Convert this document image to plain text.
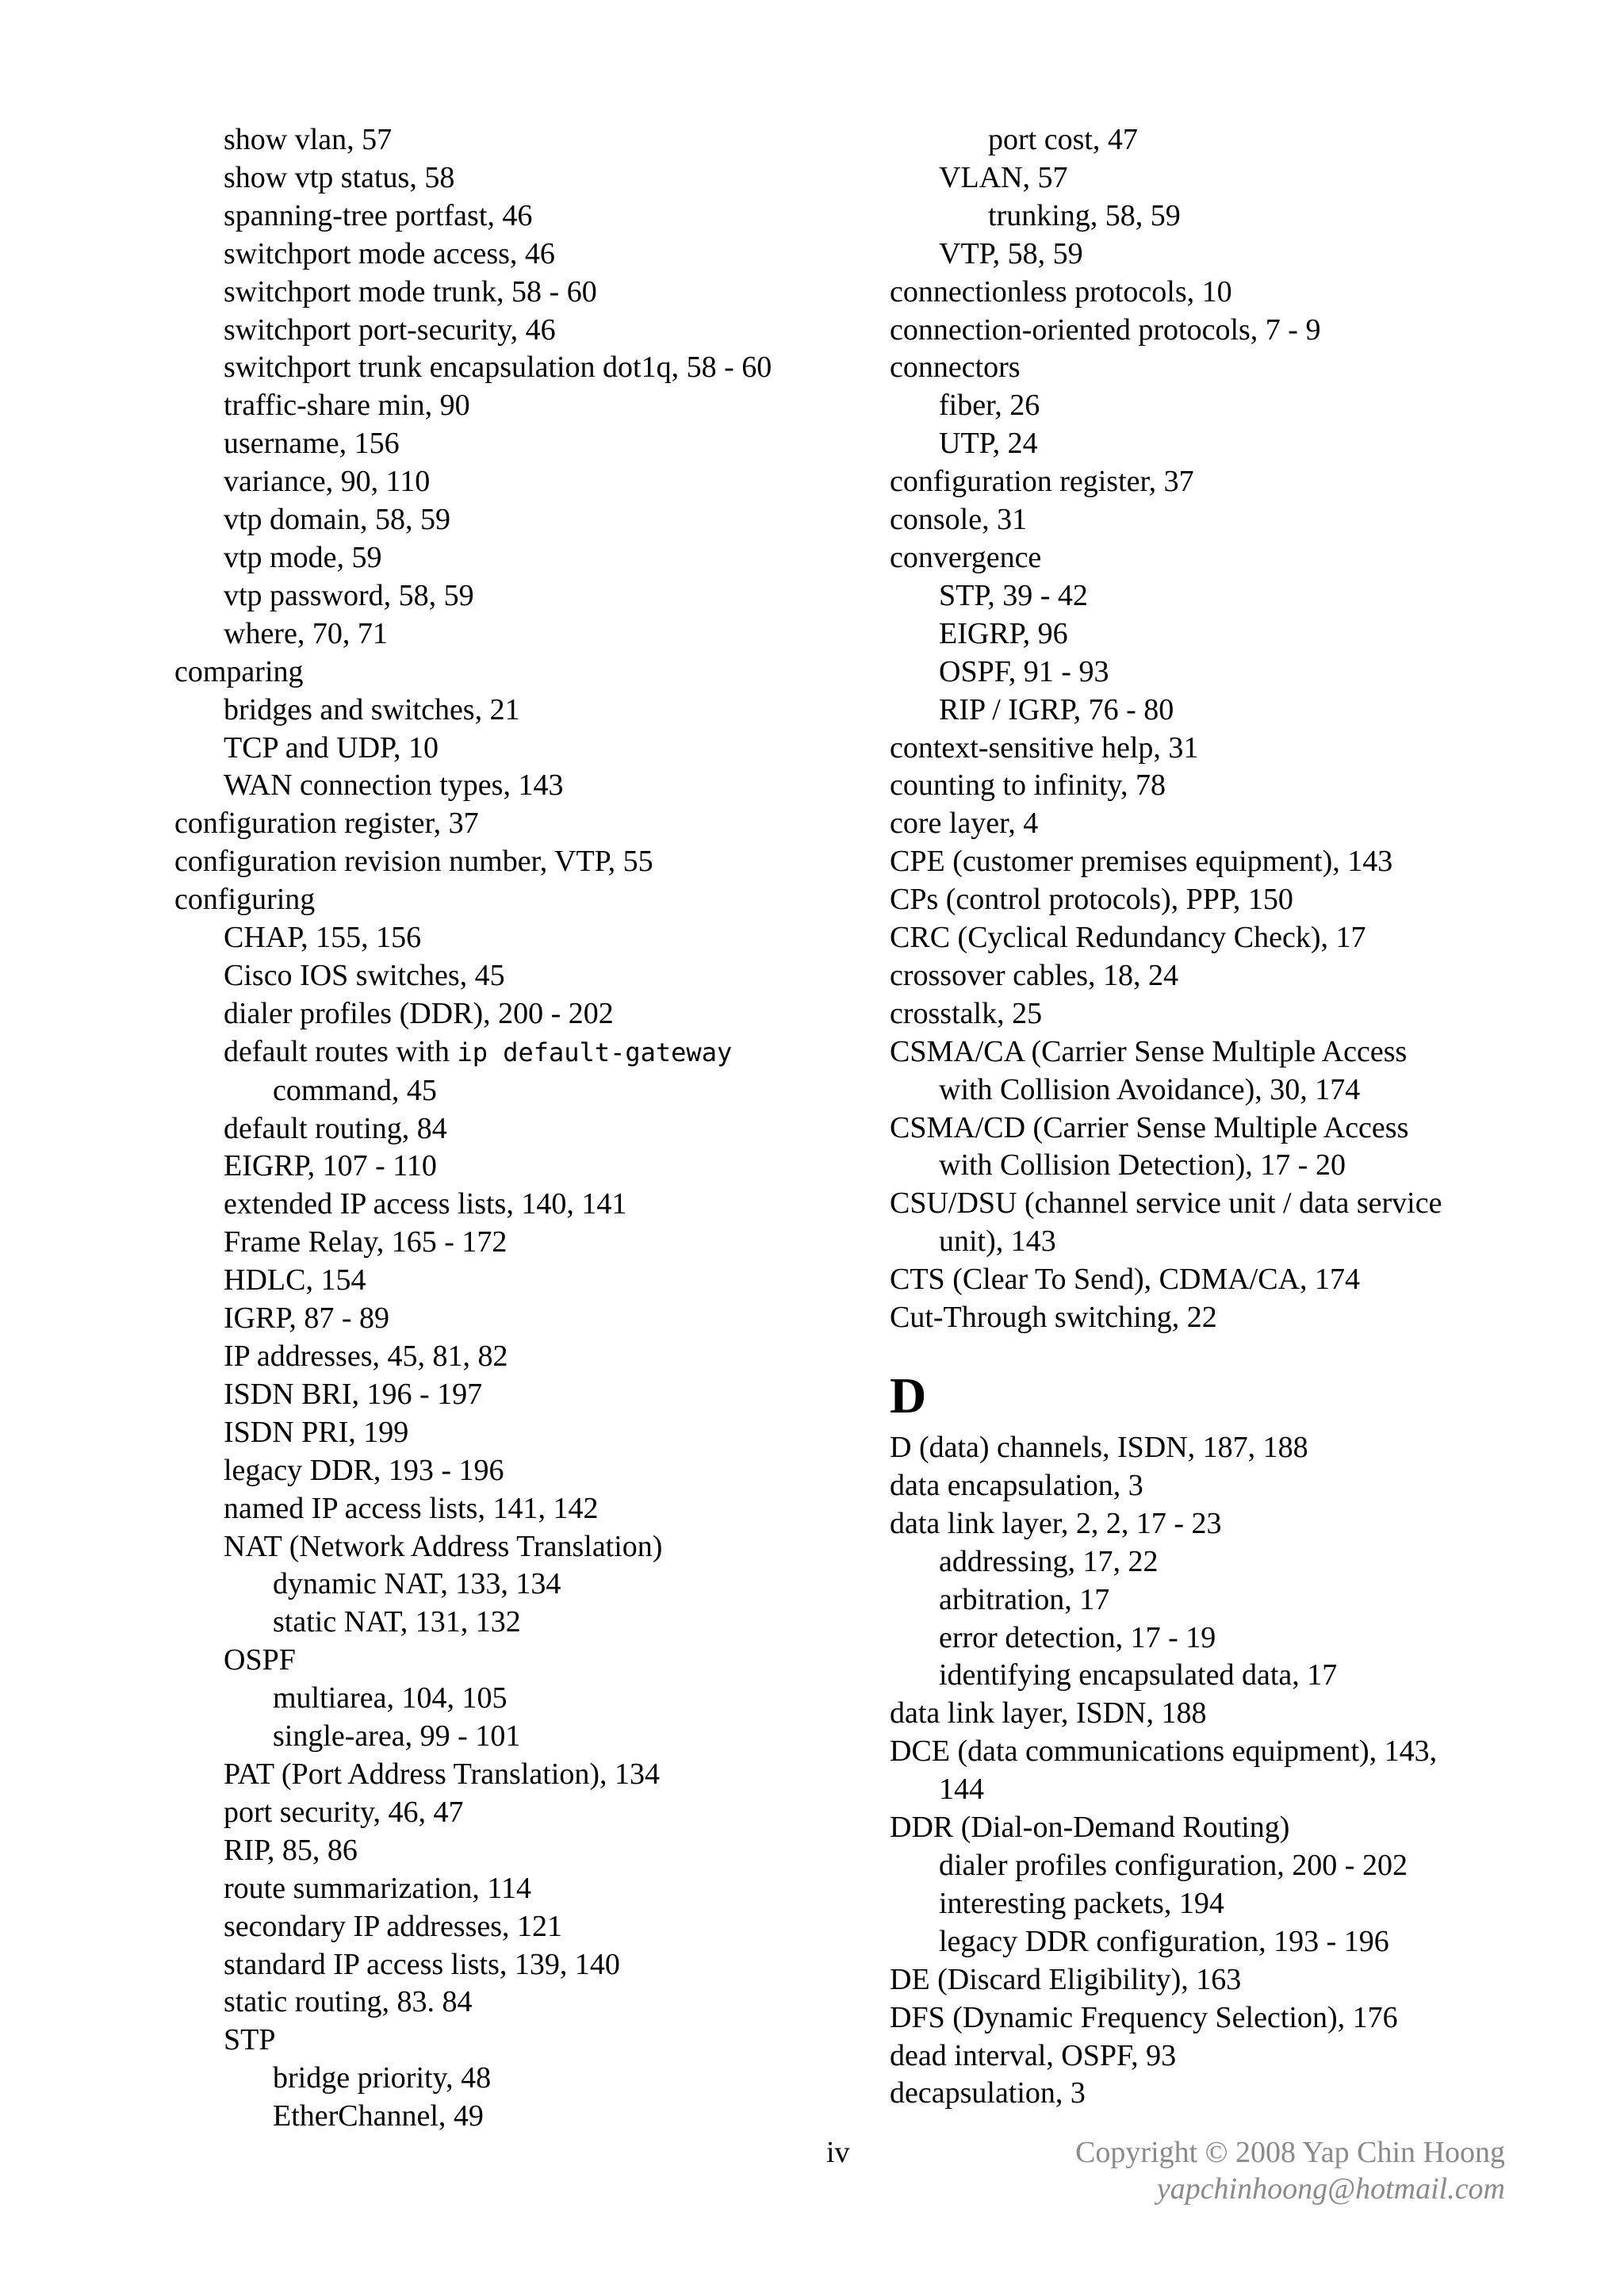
show vlan, 57
show vtp status, 58
spanning-tree portfast, 46
switchport mode access, 46
switchport mode trunk, 58 - 60
switchport port-security, 46
switchport trunk encapsulation dot1q, 58 - 60
traffic-share min, 90
username, 156
variance, 90, 110
vtp domain, 58, 59
vtp mode, 59
vtp password, 58, 59
where, 70, 71
comparing
bridges and switches, 21
TCP and UDP, 10
WAN connection types, 143
configuration register, 37
configuration revision number, VTP, 55
configuring
CHAP, 155, 156
Cisco IOS switches, 45
dialer profiles (DDR), 200 - 202
default routes with ip default-gateway
command, 45
default routing, 84
EIGRP, 107 - 110
extended IP access lists, 140, 141
Frame Relay, 165 - 172
HDLC, 154
IGRP, 87 - 89
IP addresses, 45, 81, 82
ISDN BRI, 196 - 197
ISDN PRI, 199
legacy DDR, 193 - 196
named IP access lists, 141, 142
NAT (Network Address Translation)
dynamic NAT, 133, 134
static NAT, 131, 132
OSPF
multiarea, 104, 105
single-area, 99 - 101
PAT (Port Address Translation), 134
port security, 46, 47
RIP, 85, 86
route summarization, 114
secondary IP addresses, 121
standard IP access lists, 139, 140
static routing, 83. 84
STP
bridge priority, 48
EtherChannel, 49
port cost, 47
VLAN, 57
trunking, 58, 59
VTP, 58, 59
connectionless protocols, 10
connection-oriented protocols, 7 - 9
connectors
fiber, 26
UTP, 24
configuration register, 37
console, 31
convergence
STP, 39 - 42
EIGRP, 96
OSPF, 91 - 93
RIP / IGRP, 76 - 80
context-sensitive help, 31
counting to infinity, 78
core layer, 4
CPE (customer premises equipment), 143
CPs (control protocols), PPP, 150
CRC (Cyclical Redundancy Check), 17
crossover cables, 18, 24
crosstalk, 25
CSMA/CA (Carrier Sense Multiple Access
with Collision Avoidance), 30, 174
CSMA/CD (Carrier Sense Multiple Access
with Collision Detection), 17 - 20
CSU/DSU (channel service unit / data service
unit), 143
CTS (Clear To Send), CDMA/CA, 174
Cut-Through switching, 22
D
D (data) channels, ISDN, 187, 188
data encapsulation, 3
data link layer, 2, 2, 17 - 23
addressing, 17, 22
arbitration, 17
error detection, 17 - 19
identifying encapsulated data, 17
data link layer, ISDN, 188
DCE (data communications equipment), 143,
144
DDR (Dial-on-Demand Routing)
dialer profiles configuration, 200 - 202
interesting packets, 194
legacy DDR configuration, 193 - 196
DE (Discard Eligibility), 163
DFS (Dynamic Frequency Selection), 176
dead interval, OSPF, 93
decapsulation, 3
iv	Copyright © 2008 Yap Chin Hoong
yapchinhoong@hotmail.com
